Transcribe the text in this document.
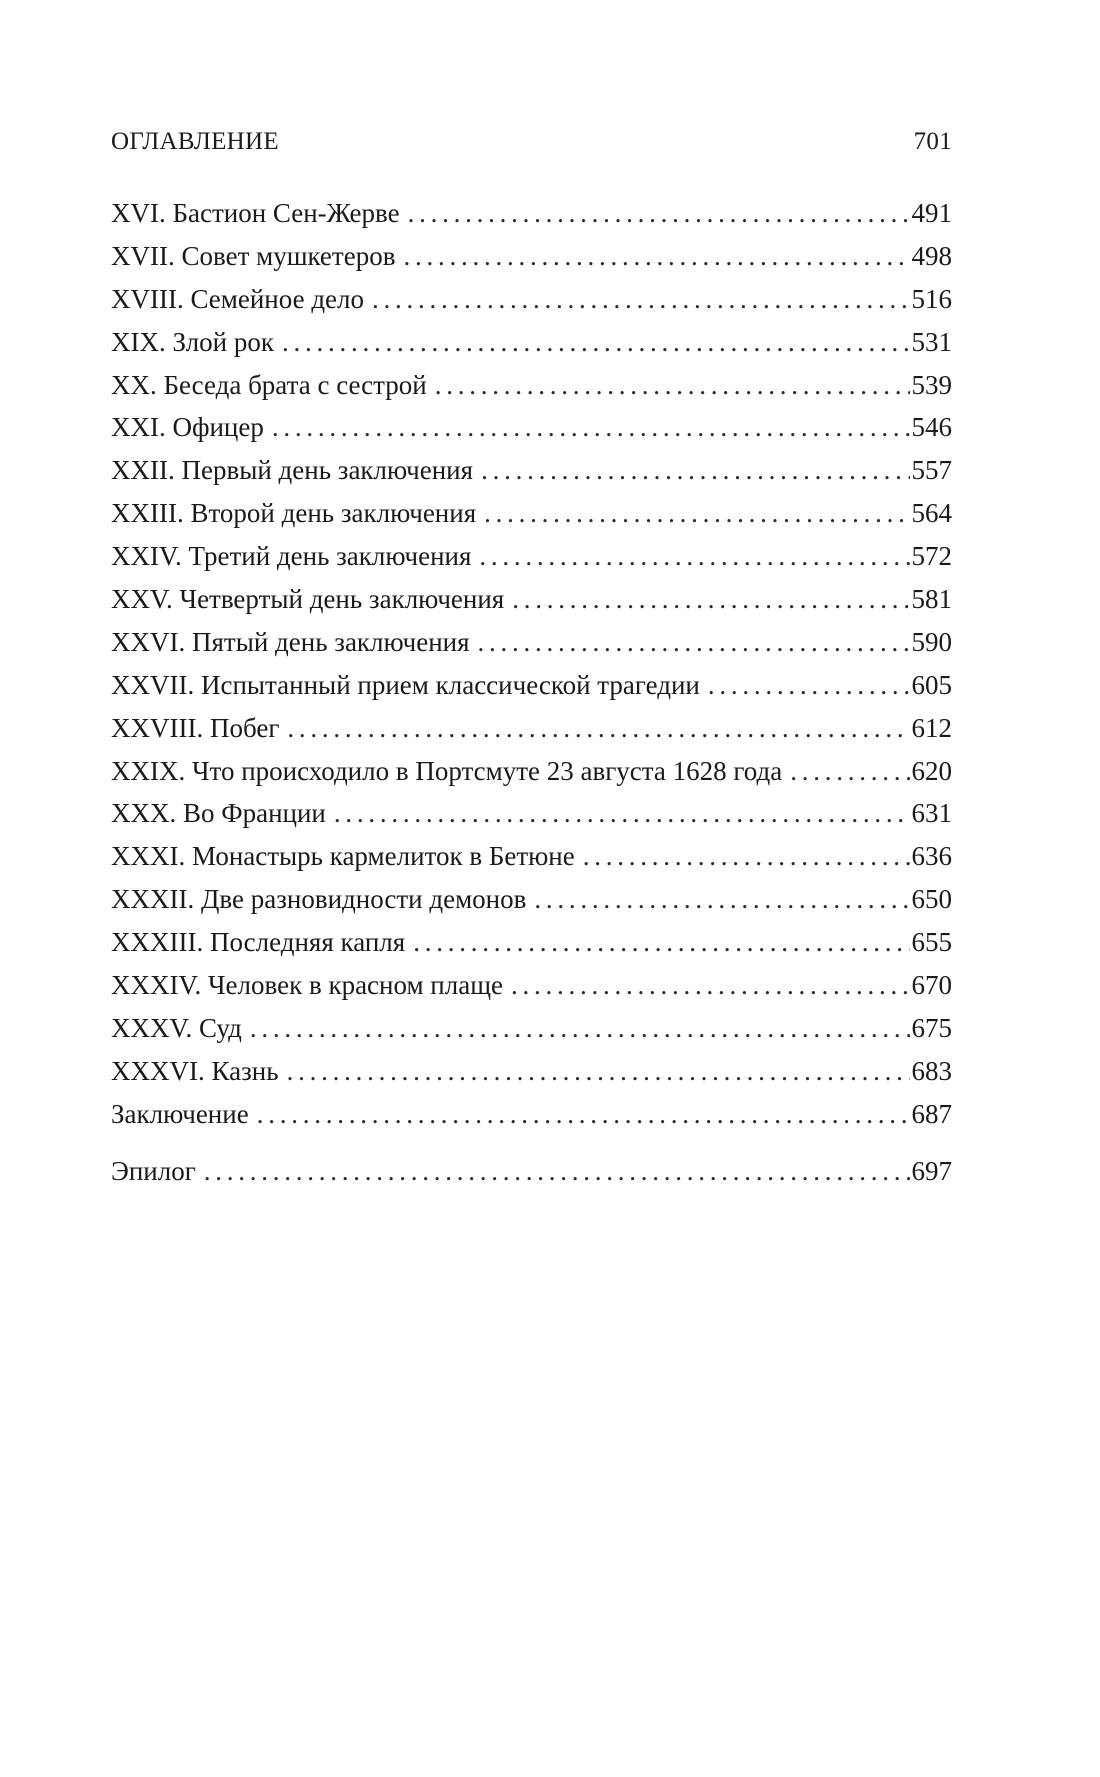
ОГЛАВЛЕНИЕ	701
XVI. Бастион Сен-Жерве . . .	491
XVII. Совет мушкетеров . . .	498
XVIII. Семейное дело . . .	516
XIX. Злой рок . . .	531
XX. Беседа брата с сестрой . . .	539
XXI. Офицер . . .	546
XXII. Первый день заключения . . .	557
XXIII. Второй день заключения . . .	564
XXIV. Третий день заключения . . .	572
XXV. Четвертый день заключения . . .	581
XXVI. Пятый день заключения . . .	590
XXVII. Испытанный прием классической трагедии . . .	605
XXVIII. Побег . . .	612
XXIX. Что происходило в Портсмуте 23 августа 1628 года . . .	620
XXX. Во Франции . . .	631
XXXI. Монастырь кармелиток в Бетюне . . .	636
XXXII. Две разновидности демонов . . .	650
XXXIII. Последняя капля . . .	655
XXXIV. Человек в красном плаще . . .	670
XXXV. Суд . . .	675
XXXVI. Казнь . . .	683
Заключение . . .	687
Эпилог . . .	697
